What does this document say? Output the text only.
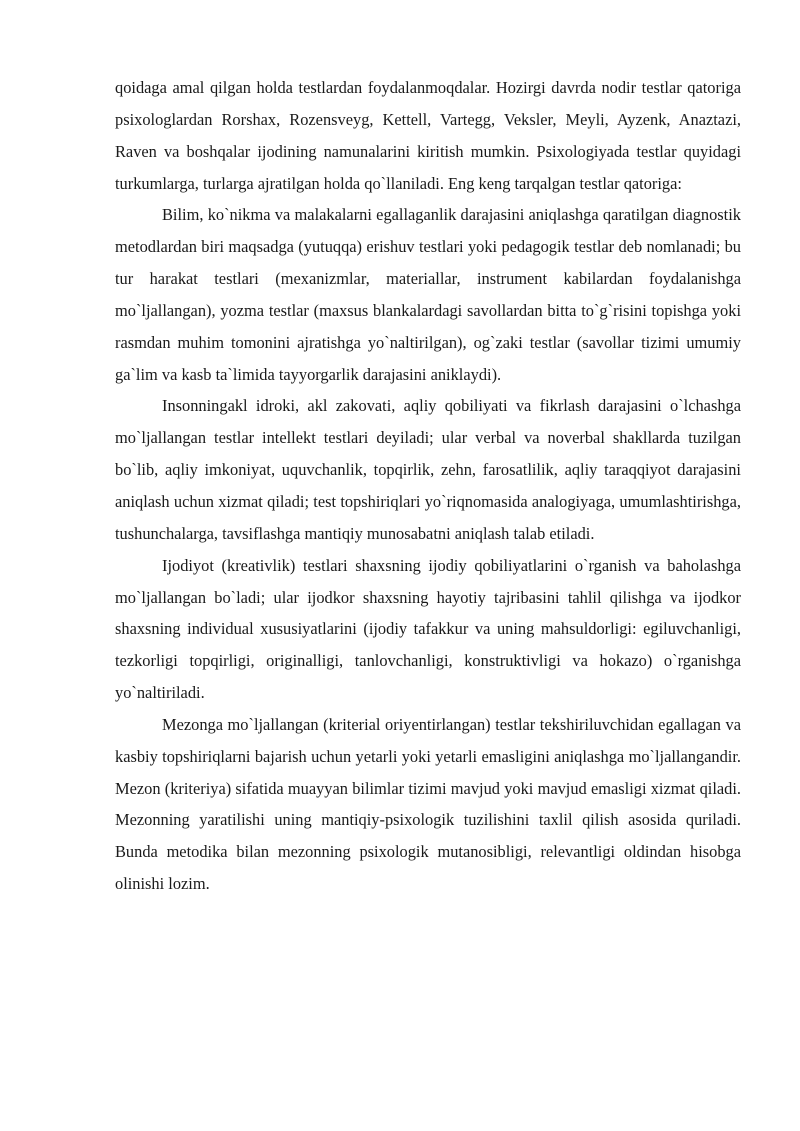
qoidaga amal qilgan holda testlardan foydalanmoqdalar. Hozirgi davrda nodir testlar qatoriga psixologlardan Rorshax, Rozensveyg, Kettell, Vartegg, Veksler, Meyli, Ayzenk, Anaztazi, Raven va boshqalar ijodining namunalarini kiritish mumkin. Psixologiyada testlar quyidagi turkumlarga, turlarga ajratilgan holda qo`llaniladi. Eng keng tarqalgan testlar qatoriga:

Bilim, ko`nikma va malakalarni egallaganlik darajasini aniqlashga qaratilgan diagnostik metodlardan biri maqsadga (yutuqqa) erishuv testlari yoki pedagogik testlar deb nomlanadi; bu tur harakat testlari (mexanizmlar, materiallar, instrument kabilardan foydalanishga mo`ljallangan), yozma testlar (maxsus blankalardagi savollardan bitta to`g`risini topishga yoki rasmdan muhim tomonini ajratishga yo`naltirilgan), og`zaki testlar (savollar tizimi umumiy ga`lim va kasb ta`limida tayyorgarlik darajasini aniklaydi).

Insonningakl idroki, akl zakovati, aqliy qobiliyati va fikrlash darajasini o`lchashga mo`ljallangan testlar intellekt testlari deyiladi; ular verbal va noverbal shakllarda tuzilgan bo`lib, aqliy imkoniyat, uquvchanlik, topqirlik, zehn, farosatlilik, aqliy taraqqiyot darajasini aniqlash uchun xizmat qiladi; test topshiriqlari yo`riqnomasida analogiyaga, umumlashtirishga, tushunchalarga, tavsiflashga mantiqiy munosabatni aniqlash talab etiladi.

Ijodiyot (kreativlik) testlari shaxsning ijodiy qobiliyatlarini o`rganish va baholashga mo`ljallangan bo`ladi; ular ijodkor shaxsning hayotiy tajribasini tahlil qilishga va ijodkor shaxsning individual xususiyatlarini (ijodiy tafakkur va uning mahsuldorligi: egiluvchanligi, tezkorligi topqirligi, originalligi, tanlovchanligi, konstruktivligi va hokazo) o`rganishga yo`naltiriladi.

Mezonga mo`ljallangan (kriterial oriyentirlangan) testlar tekshiriluvchidan egallagan va kasbiy topshiriqlarni bajarish uchun yetarli yoki yetarli emasligini aniqlashga mo`ljallangandir. Mezon (kriteriya) sifatida muayyan bilimlar tizimi mavjud yoki mavjud emasligi xizmat qiladi. Mezonning yaratilishi uning mantiqiy-psixologik tuzilishini taxlil qilish asosida quriladi. Bunda metodika bilan mezonning psixologik mutanosibligi, relevantligi oldindan hisobga olinishi lozim.
